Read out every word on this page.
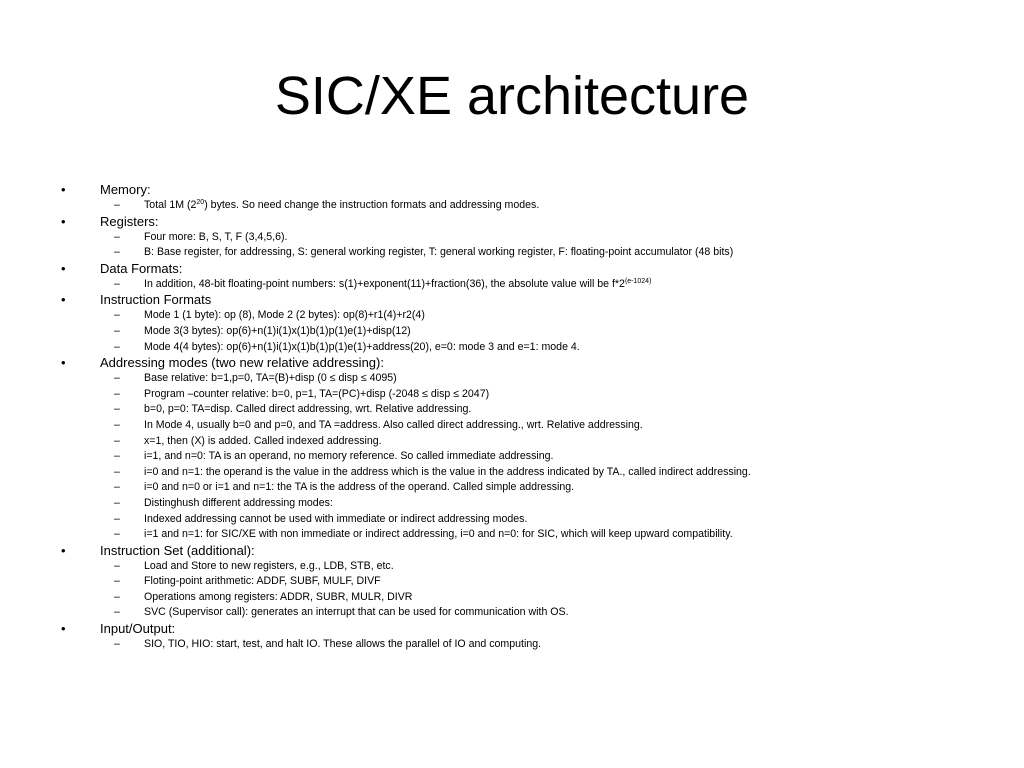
SIC/XE architecture
•	Memory:
– Total 1M $(2^{20})$ bytes. So need change the instruction formats and addressing modes.
•	Registers:
– Four more: B, S, T, F (3,4,5,6).
– B: Base register, for addressing, S: general working register, T: general working register, F: floating-point accumulator (48 bits)
•	Data Formats:
– In addition, 48-bit floating-point numbers: s(1)+exponent(11)+fraction(36), the absolute value will be $f*2^{(e-1024)}$
•	Instruction Formats
– Mode 1 (1 byte): op (8), Mode 2 (2 bytes): op(8)+r1(4)+r2(4)
– Mode 3(3 bytes): op(6)+n(1)i(1)x(1)b(1)p(1)e(1)+disp(12)
– Mode 4(4 bytes): op(6)+n(1)i(1)x(1)b(1)p(1)e(1)+address(20), e=0: mode 3 and e=1: mode 4.
•	Addressing modes (two new relative addressing):
– Base relative: b=1,p=0, TA=(B)+disp (0 ≤ disp ≤ 4095)
– Program –counter relative: b=0, p=1, TA=(PC)+disp (-2048 ≤ disp ≤ 2047)
– b=0, p=0: TA=disp. Called direct addressing, wrt. Relative addressing.
– In Mode 4, usually b=0 and p=0, and TA =address. Also called direct addressing., wrt. Relative addressing.
– x=1, then (X) is added. Called indexed addressing.
– i=1, and n=0: TA is an operand, no memory reference. So called immediate addressing.
– i=0 and n=1: the operand is the value in the address which is the value in the address indicated by TA., called indirect addressing.
– i=0 and n=0 or i=1 and n=1: the TA is the address of the operand. Called simple addressing.
– Distinghush different addressing modes:
– Indexed addressing cannot be used with immediate or indirect addressing modes.
– i=1 and n=1: for SIC/XE with non immediate or indirect addressing, i=0 and n=0: for SIC, which will keep upward compatibility.
•	Instruction Set (additional):
– Load and Store to new registers, e.g., LDB, STB, etc.
– Floting-point arithmetic: ADDF, SUBF, MULF, DIVF
– Operations among registers: ADDR, SUBR, MULR, DIVR
– SVC (Supervisor call): generates an interrupt that can be used for communication with OS.
•	Input/Output:
– SIO, TIO, HIO: start, test, and halt IO. These allows the parallel of IO and computing.
